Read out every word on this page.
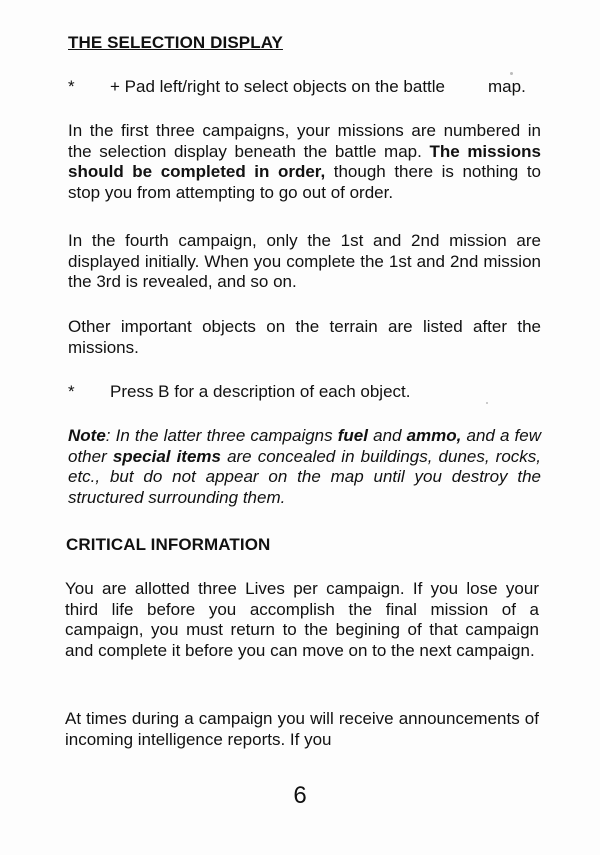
THE SELECTION DISPLAY
* + Pad left/right to select objects on the battle	map.

In the first three campaigns, your missions are numbered in the selection display beneath the battle map. The missions should be completed in order, though there is nothing to stop you from attempting to go out of order.

In the fourth campaign, only the 1st and 2nd mission are displayed initially. When you complete the 1st and 2nd mission the 3rd is revealed, and so on.

Other important objects on the terrain are listed after the missions.

* Press B for a description of each object.

Note: In the latter three campaigns fuel and ammo, and a few other special items are concealed in buildings, dunes, rocks, etc., but do not appear on the map until you destroy the structured surrounding them.

CRITICAL INFORMATION

You are allotted three Lives per campaign. If you lose your third life before you accomplish the final mission of a campaign, you must return to the begining of that campaign and complete it before you can move on to the next campaign.

At times during a campaign you will receive announcements of incoming intelligence reports. If you

6
